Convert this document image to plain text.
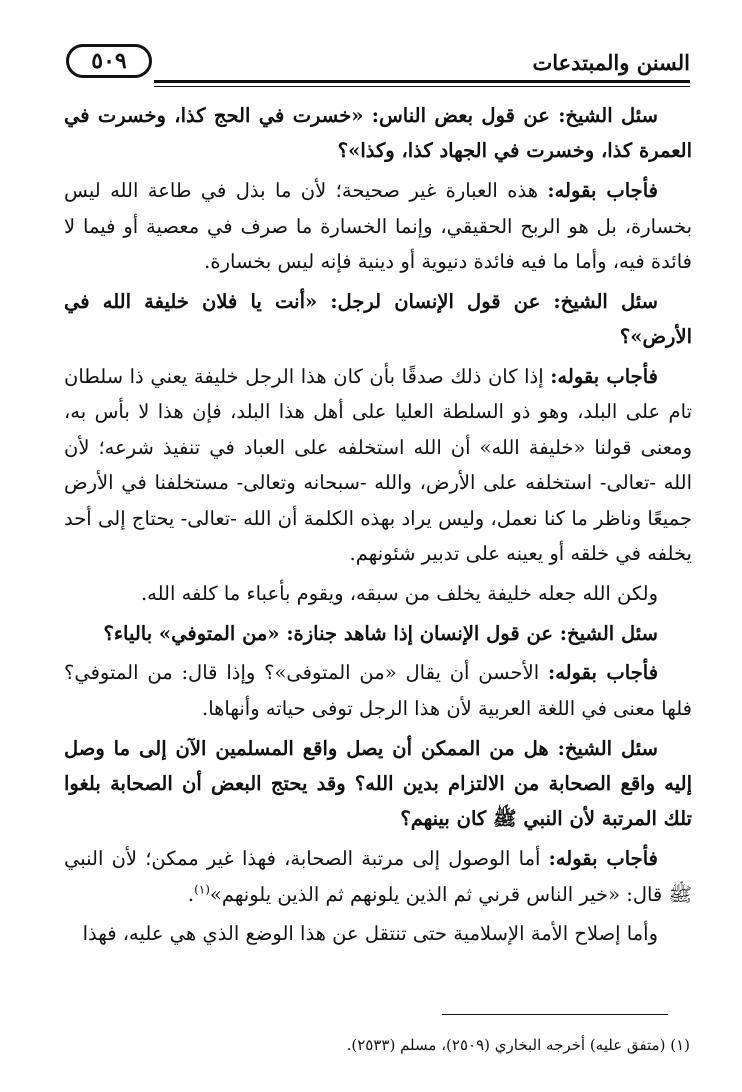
٥٠٩	السنن والمبتدعات

سئل الشيخ: عن قول بعض الناس: «خسرت في الحج كذا، وخسرت في العمرة كذا، وخسرت في الجهاد كذا، وكذا»؟

فأجاب بقوله: هذه العبارة غير صحيحة؛ لأن ما بذل في طاعة الله ليس بخسارة، بل هو الربح الحقيقي، وإنما الخسارة ما صرف في معصية أو فيما لا فائدة فيه، وأما ما فيه فائدة دنيوية أو دينية فإنه ليس بخسارة.

سئل الشيخ: عن قول الإنسان لرجل: «أنت يا فلان خليفة الله في الأرض»؟

فأجاب بقوله: إذا كان ذلك صدقًا بأن كان هذا الرجل خليفة يعني ذا سلطان تام على البلد، وهو ذو السلطة العليا على أهل هذا البلد، فإن هذا لا بأس به، ومعنى قولنا «خليفة الله» أن الله استخلفه على العباد في تنفيذ شرعه؛ لأن الله -تعالى- استخلفه على الأرض، والله -سبحانه وتعالى- مستخلفنا في الأرض جميعًا وناظر ما كنا نعمل، وليس يراد بهذه الكلمة أن الله -تعالى- يحتاج إلى أحد يخلفه في خلقه أو يعينه على تدبير شئونهم.

ولكن الله جعله خليفة يخلف من سبقه، ويقوم بأعباء ما كلفه الله.

سئل الشيخ: عن قول الإنسان إذا شاهد جنازة: «من المتوفي» بالياء؟

فأجاب بقوله: الأحسن أن يقال «من المتوفى»؟ وإذا قال: من المتوفي؟ فلها معنى في اللغة العربية لأن هذا الرجل توفى حياته وأنهاها.

سئل الشيخ: هل من الممكن أن يصل واقع المسلمين الآن إلى ما وصل إليه واقع الصحابة من الالتزام بدين الله؟ وقد يحتج البعض أن الصحابة بلغوا تلك المرتبة لأن النبي ﷺ كان بينهم؟

فأجاب بقوله: أما الوصول إلى مرتبة الصحابة، فهذا غير ممكن؛ لأن النبي ﷺ قال: «خير الناس قرني ثم الذين يلونهم ثم الذين يلونهم»$^{(١)}$.

وأما إصلاح الأمة الإسلامية حتى تنتقل عن هذا الوضع الذي هي عليه، فهذا

(١) (متفق عليه) أخرجه البخاري (٢٥٠٩)، مسلم (٢٥٣٣).
